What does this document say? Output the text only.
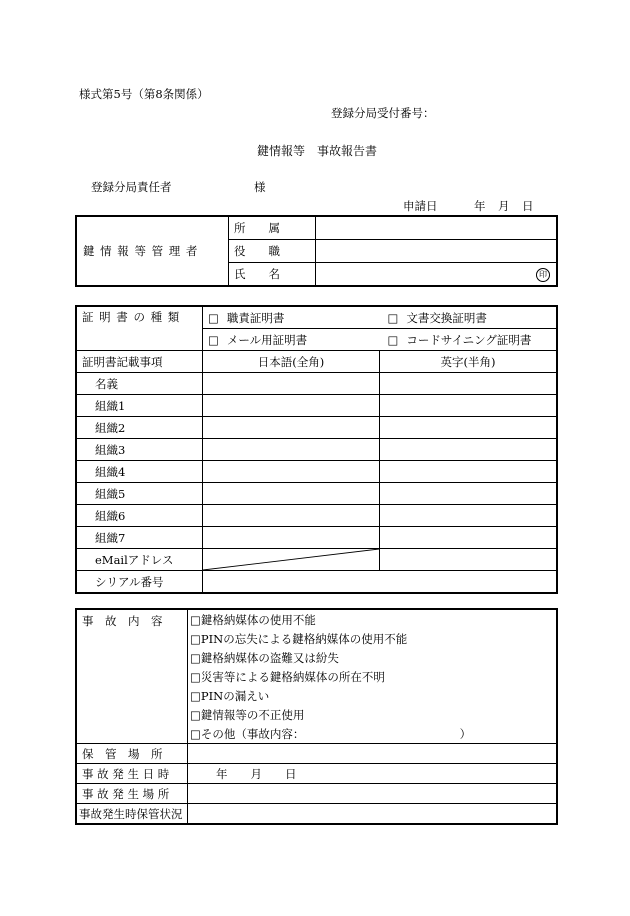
様式第5号（第8条関係）
登録分局受付番号：
鍵情報等　事故報告書
登録分局責任者	様
申請日	年 月 日
鍵 情 報 等 管 理 者	所　　属	
	役　　職	
	氏　　名	印
証 明 書 の 種 類	□ 職責証明書	□ 文書交換証明書
	□ メール用証明書	□ コードサイニング証明書
証明書記載事項	日本語(全角)	英字(半角)
名義		
組織1		
組織2		
組織3		
組織4		
組織5		
組織6		
組織7		
eMailアドレス	

シリアル番号		
事　故　内　容	□鍵格納媒体の使用不能
	□PINの忘失による鍵格納媒体の使用不能
	□鍵格納媒体の盗難又は紛失
	□災害等による鍵格納媒体の所在不明
	□PINの漏えい
	□鍵情報等の不正使用
	□その他（事故内容：　　　　　　　　　　　　　　）
保　管　場　所	
事 故 発 生 日 時	年　　月　　日
事 故 発 生 場 所	
事故発生時保管状況	
